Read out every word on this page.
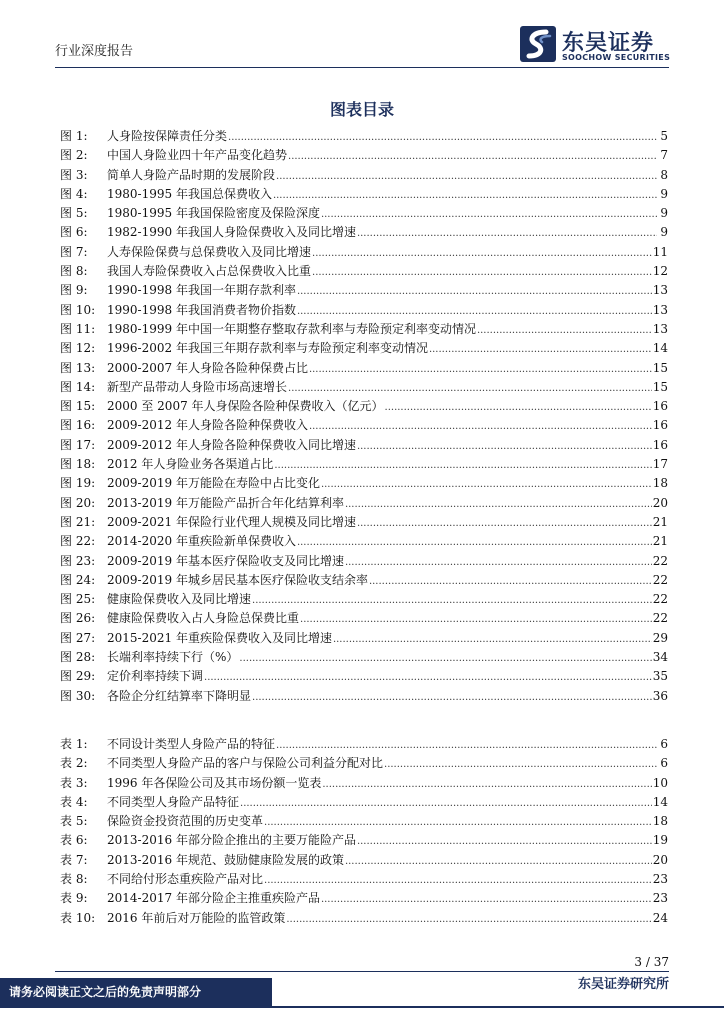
行业深度报告	东吴证券
SOOCHOW SECURITIES
图表目录
图 1:	人身险按保障责任分类 .....	5
图 2:	中国人身险业四十年产品变化趋势 .....	7
图 3:	简单人身险产品时期的发展阶段 .....	8
图 4:	1980-1995 年我国总保费收入 .....	9
图 5:	1980-1995 年我国保险密度及保险深度 .....	9
图 6:	1982-1990 年我国人身险保费收入及同比增速 .....	9
图 7:	人寿保险保费与总保费收入及同比增速 .....	11
图 8:	我国人寿险保费收入占总保费收入比重 .....	12
图 9:	1990-1998 年我国一年期存款利率 .....	13
图 10: 1990-1998 年我国消费者物价指数 .....	13
图 11: 1980-1999 年中国一年期整存整取存款利率与寿险预定利率变动情况 .....	13
图 12: 1996-2002 年我国三年期存款利率与寿险预定利率变动情况 .....	14
图 13: 2000-2007 年人身险各险种保费占比 .....	15
图 14: 新型产品带动人身险市场高速增长 .....	15
图 15: 2000 至 2007 年人身保险各险种保费收入（亿元） .....	16
图 16: 2009-2012 年人身险各险种保费收入 .....	16
图 17: 2009-2012 年人身险各险种保费收入同比增速 .....	16
图 18: 2012 年人身险业务各渠道占比 .....	17
图 19: 2009-2019 年万能险在寿险中占比变化 .....	18
图 20: 2013-2019 年万能险产品折合年化结算利率 .....	20
图 21: 2009-2021 年保险行业代理人规模及同比增速 .....	21
图 22: 2014-2020 年重疾险新单保费收入 .....	21
图 23: 2009-2019 年基本医疗保险收支及同比增速 .....	22
图 24: 2009-2019 年城乡居民基本医疗保险收支结余率 .....	22
图 25: 健康险保费收入及同比增速 .....	22
图 26: 健康险保费收入占人身险总保费比重 .....	22
图 27: 2015-2021 年重疾险保费收入及同比增速 .....	29
图 28: 长端利率持续下行（%） .....	34
图 29: 定价利率持续下调 .....	35
图 30: 各险企分红结算率下降明显 .....	36
表 1:	不同设计类型人身险产品的特征 .....	6
表 2:	不同类型人身险产品的客户与保险公司利益分配对比 .....	6
表 3:	1996 年各保险公司及其市场份额一览表 .....	10
表 4:	不同类型人身险产品特征 .....	14
表 5:	保险资金投资范围的历史变革 .....	18
表 6:	2013-2016 年部分险企推出的主要万能险产品 .....	19
表 7:	2013-2016 年规范、鼓励健康险发展的政策 .....	20
表 8:	不同给付形态重疾险产品对比 .....	23
表 9:	2014-2017 年部分险企主推重疾险产品 .....	23
表 10: 2016 年前后对万能险的监管政策 .....	24
3 / 37
东吴证券研究所
请务必阅读正文之后的免责声明部分
